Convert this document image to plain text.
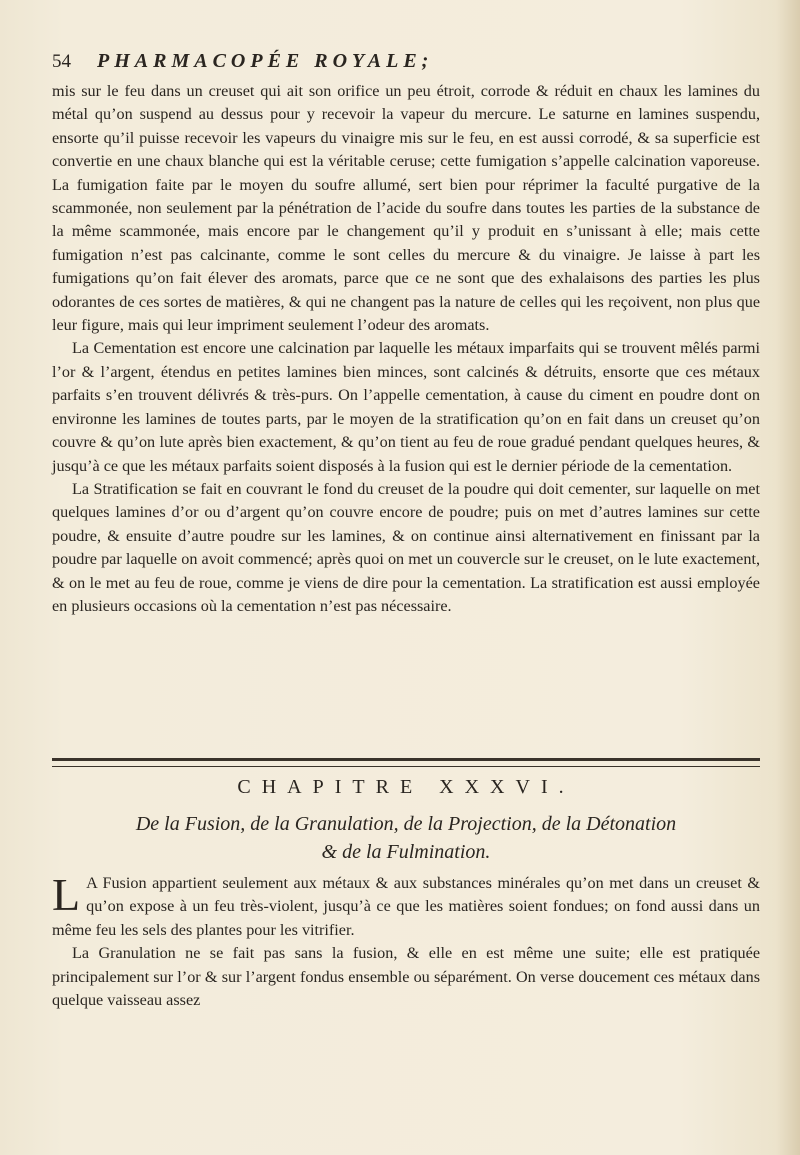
54	PHARMACOPÉE ROYALE;

mis sur le feu dans un creuset qui ait son orifice un peu étroit, corrode & réduit en chaux les lamines du métal qu’on suspend au dessus pour y recevoir la vapeur du mercure. Le saturne en lamines suspendu, ensorte qu’il puisse recevoir les vapeurs du vinaigre mis sur le feu, en est aussi corrodé, & sa superficie est convertie en une chaux blanche qui est la véritable cerusе; cette fumigation s’appelle calcination vaporeuse. La fumigation faite par le moyen du soufre allumé, sert bien pour réprimer la faculté purgative de la scammonée, non seulement par la pénétration de l’acide du soufre dans toutes les parties de la substance de la même scammonée, mais encore par le changement qu’il y produit en s’unissant à elle; mais cette fumigation n’est pas calcinante, comme le sont celles du mercure & du vinaigre. Je laisse à part les fumigations qu’on fait élever des aromats, parce que ce ne sont que des exhalaisons des parties les plus odorantes de ces sortes de matières, & qui ne changent pas la nature de celles qui les reçoivent, non plus que leur figure, mais qui leur impriment seulement l’odeur des aromats.

La Cementation est encore une calcination par laquelle les métaux imparfaits qui se trouvent mêlés parmi l’or & l’argent, étendus en petites lamines bien minces, sont calcinés & détruits, ensorte que ces métaux parfaits s’en trouvent délivrés & très-purs. On l’appelle cementation, à cause du ciment en poudre dont on environne les lamines de toutes parts, par le moyen de la stratification qu’on en fait dans un creuset qu’on couvre & qu’on lute après bien exactement, & qu’on tient au feu de roue gradué pendant quelques heures, & jusqu’à ce que les métaux parfaits soient disposés à la fusion qui est le dernier période de la cementation.

La Stratification se fait en couvrant le fond du creuset de la poudre qui doit cementer, sur laquelle on met quelques lamines d’or ou d’argent qu’on couvre encore de poudre; puis on met d’autres lamines sur cette poudre, & ensuite d’autre poudre sur les lamines, & on continue ainsi alternativement en finissant par la poudre par laquelle on avoit commencé; après quoi on met un couvercle sur le creuset, on le lute exactement, & on le met au feu de roue, comme je viens de dire pour la cementation. La stratification est aussi employée en plusieurs occasions où la cementation n’est pas nécessaire.

CHAPITRE XXXVI.
De la Fusion, de la Granulation, de la Projection, de la Détonation
& de la Fulmination.

L A Fusion appartient seulement aux métaux & aux substances minérales qu’on met dans un creuset & qu’on expose à un feu très-violent, jusqu’à ce que les matières soient fondues; on fond aussi dans un même feu les sels des plantes pour les vitrifier.

La Granulation ne se fait pas sans la fusion, & elle en est même une suite; elle est pratiquée principalement sur l’or & sur l’argent fondus ensemble ou séparément. On verse doucement ces métaux dans quelque vaisseau assez
